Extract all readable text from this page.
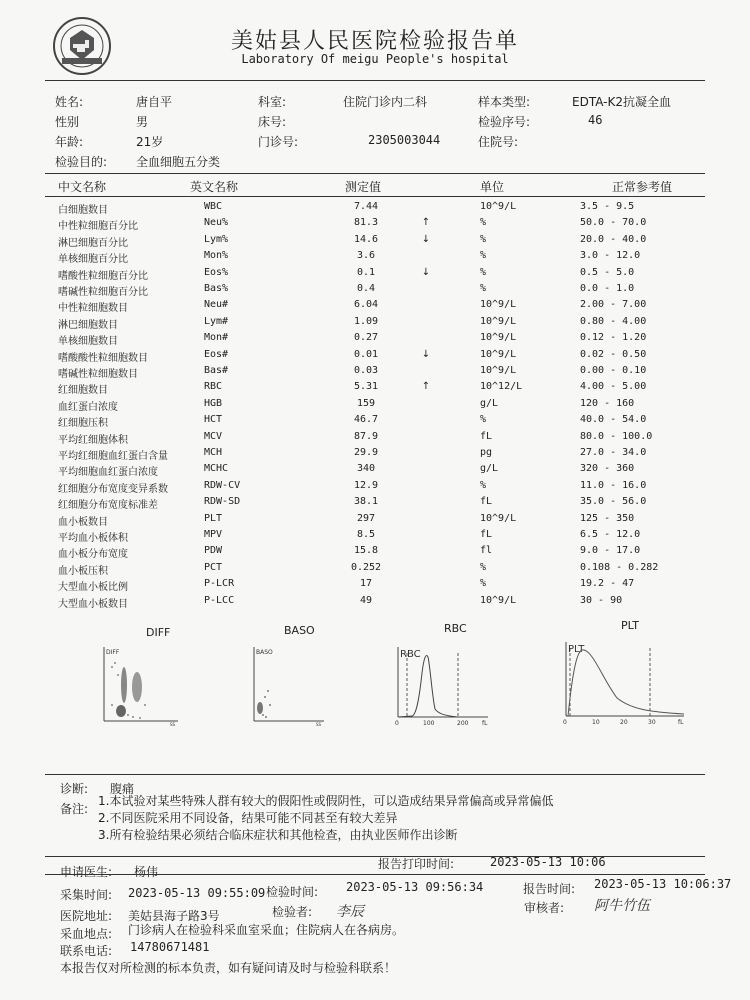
美姑县人民医院检验报告单
Laboratory Of meigu People's hospital
姓名:	唐自平	科室:	住院门诊内二科	样本类型:	EDTA-K2抗凝全血
性别	男	床号:	检验序号:	46
年龄:	21岁	门诊号:	2305003044	住院号:
检验目的: 全血细胞五分类
中文名称	英文名称	测定值	单位	正常参考值
白细胞数目	WBC	7.44	10^9/L	3.5 - 9.5
中性粒细胞百分比	Neu%	81.3	↑	%	50.0 - 70.0
淋巴细胞百分比	Lym%	14.6	↓	%	20.0 - 40.0
单核细胞百分比	Mon%	3.6	%	3.0 - 12.0
嗜酸性粒细胞百分比	Eos%	0.1	↓	%	0.5 - 5.0
嗜碱性粒细胞百分比	Bas%	0.4	%	0.0 - 1.0
中性粒细胞数目	Neu#	6.04	10^9/L	2.00 - 7.00
淋巴细胞数目	Lym#	1.09	10^9/L	0.80 - 4.00
单核细胞数目	Mon#	0.27	10^9/L	0.12 - 1.20
嗜酸酸性粒细胞数目	Eos#	0.01	↓	10^9/L	0.02 - 0.50
嗜碱性粒细胞数目	Bas#	0.03	10^9/L	0.00 - 0.10
红细胞数目	RBC	5.31	↑	10^12/L	4.00 - 5.00
血红蛋白浓度	HGB	159	g/L	120 - 160
红细胞压积	HCT	46.7	%	40.0 - 54.0
平均红细胞体积	MCV	87.9	fL	80.0 - 100.0
平均红细胞血红蛋白含量	MCH	29.9	pg	27.0 - 34.0
平均细胞血红蛋白浓度	MCHC	340	g/L	320 - 360
红细胞分布宽度变异系数	RDW-CV	12.9	%	11.0 - 16.0
红细胞分布宽度标准差	RDW-SD	38.1	fL	35.0 - 56.0
血小板数目	PLT	297	10^9/L	125 - 350
平均血小板体积	MPV	8.5	fL	6.5 - 12.0
血小板分布宽度	PDW	15.8	fl	9.0 - 17.0
血小板压积	PCT	0.252	%	0.108 - 0.282
大型血小板比例	P-LCR	17	%	19.2 - 47
大型血小板数目	P-LCC	49	10^9/L	30 - 90
DIFF	BASO	RBC	PLT
DIFF
SS
BASO
SS
RBC
0	100	200 fL
PLT
0	10	20	30	fL
诊断: 腹痛
备注:
1.本试验对某些特殊人群有较大的假阳性或假阴性，可以造成结果异常偏高或异常偏低
2.不同医院采用不同设备，结果可能不同甚至有较大差异
3.所有检验结果必须结合临床症状和其他检查，由执业医师作出诊断
申请医生: 杨伟
报告打印时间:	2023-05-13 10:06
采集时间: 2023-05-13 09:55:09 检验时间: 2023-05-13 09:56:34	报告时间: 2023-05-13 10:06:37
医院地址: 美姑县海子路3号	检验者: 李辰	审核者: 阿牛竹伍
采血地点: 门诊病人在检验科采血室采血；住院病人在各病房。
联系电话: 14780671481
本报告仅对所检测的标本负责，如有疑问请及时与检验科联系！
